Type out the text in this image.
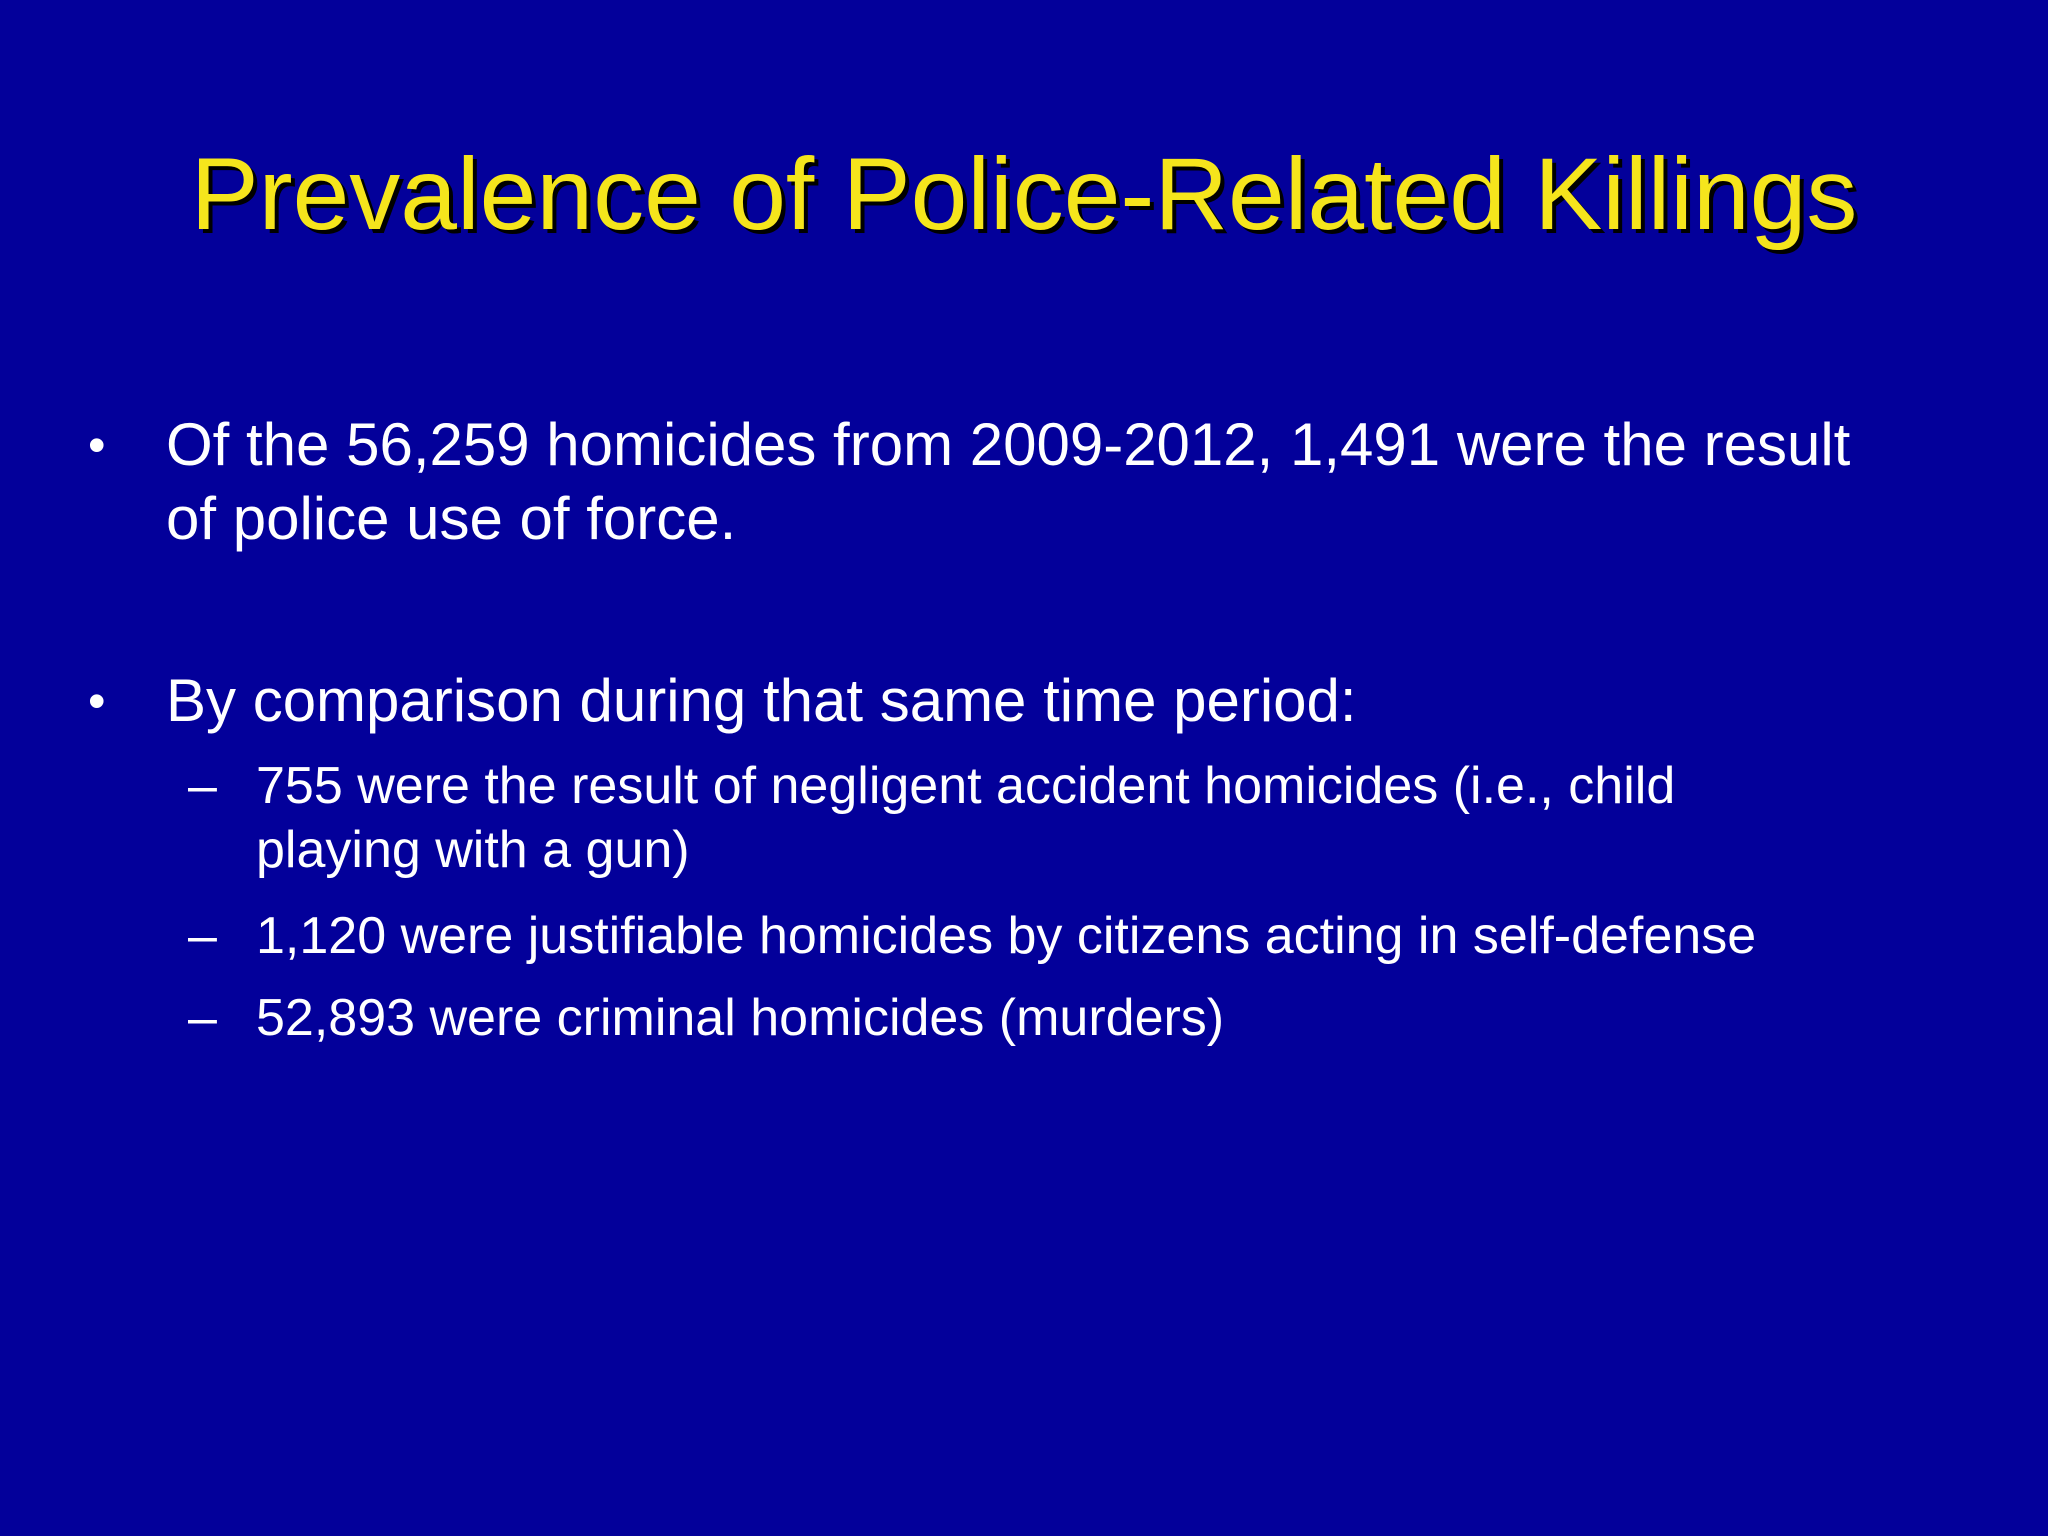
Prevalence of Police-Related Killings
• Of the 56,259 homicides from 2009-2012, 1,491 were the result
of police use of force.
• By comparison during that same time period:
– 755 were the result of negligent accident homicides (i.e., child
playing with a gun)
– 1,120 were justifiable homicides by citizens acting in self-defense
– 52,893 were criminal homicides (murders)
